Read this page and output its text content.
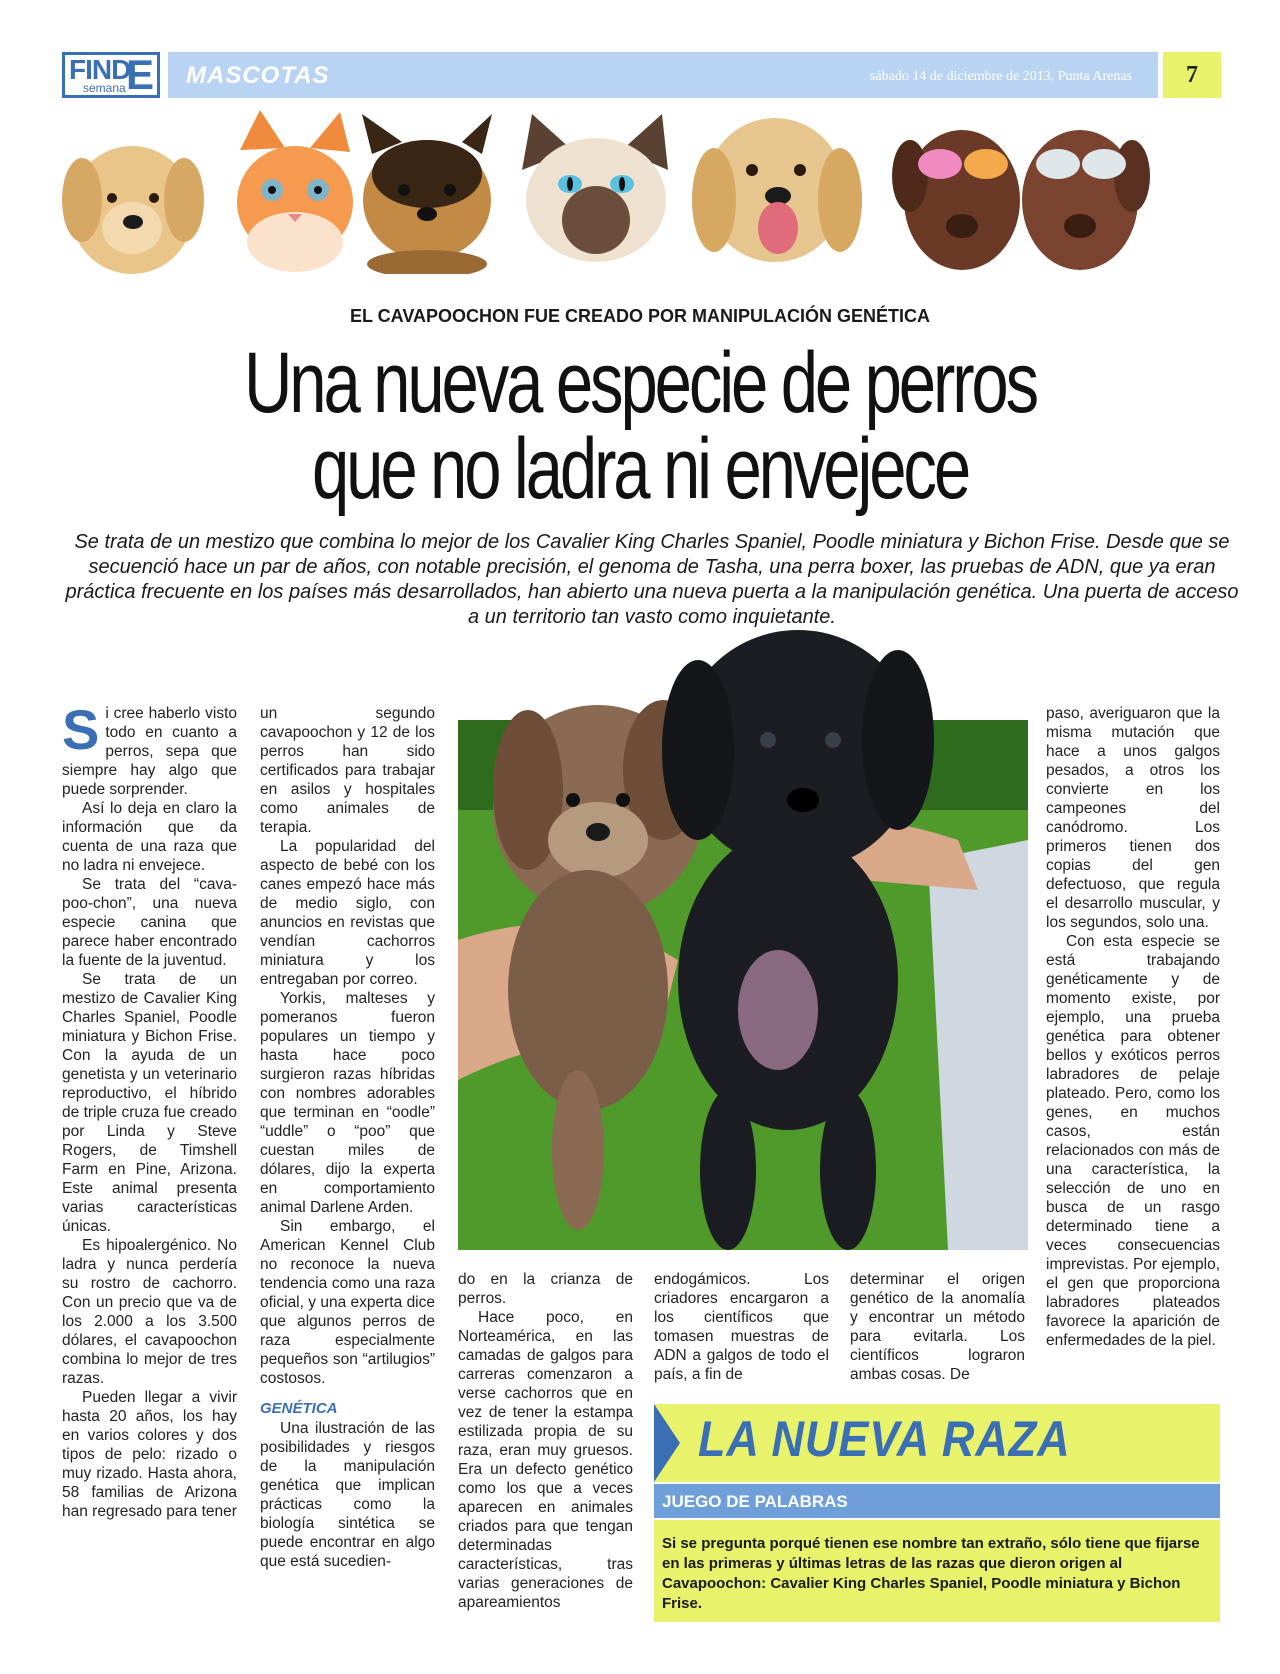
FIND
E
semana	MASCOTAS	sábado 14 de diciembre de 2013, Punta Arenas	7
EL CAVAPOOCHON FUE CREADO POR MANIPULACIÓN GENÉTICA
Una nueva especie de perros
que no ladra ni envejece
Se trata de un mestizo que combina lo mejor de los Cavalier King Charles Spaniel, Poodle miniatura y Bichon Frise. Desde que se secuenció hace un par de años, con notable precisión, el genoma de Tasha, una perra boxer, las pruebas de ADN, que ya eran práctica frecuente en los países más desarrollados, han abierto una nueva puerta a la manipulación genética. Una puerta de acceso a un territorio tan vasto como inquietante.

Si cree haberlo visto todo en cuanto a perros, sepa que siempre hay algo que puede sorprender.

Así lo deja en claro la información que da cuenta de una raza que no ladra ni envejece.

Se trata del “cava-poo-chon”, una nueva especie canina que parece haber encontrado la fuente de la juventud.

Se trata de un mestizo de Cavalier King Charles Spaniel, Poodle miniatura y Bichon Frise. Con la ayuda de un genetista y un veterinario reproductivo, el híbrido de triple cruza fue creado por Linda y Steve Rogers, de Timshell Farm en Pine, Arizona. Este animal presenta varias características únicas.

Es hipoalergénico. No ladra y nunca perdería su rostro de cachorro. Con un precio que va de los 2.000 a los 3.500 dólares, el cavapoochon combina lo mejor de tres razas.

Pueden llegar a vivir hasta 20 años, los hay en varios colores y dos tipos de pelo: rizado o muy rizado. Hasta ahora, 58 familias de Arizona han regresado para tener

un segundo cavapoochon y 12 de los perros han sido certificados para trabajar en asilos y hospitales como animales de terapia.

La popularidad del aspecto de bebé con los canes empezó hace más de medio siglo, con anuncios en revistas que vendían cachorros miniatura y los entregaban por correo.

Yorkis, malteses y pomeranos fueron populares un tiempo y hasta hace poco surgieron razas híbridas con nombres adorables que terminan en “oodle” “uddle” o “poo” que cuestan miles de dólares, dijo la experta en comportamiento animal Darlene Arden.

Sin embargo, el American Kennel Club no reconoce la nueva tendencia como una raza oficial, y una experta dice que algunos perros de raza especialmente pequeños son “artilugios” costosos.

GENÉTICA

Una ilustración de las posibilidades y riesgos de la manipulación genética que implican prácticas como la biología sintética se puede encontrar en algo que está sucedien-

do en la crianza de perros.

Hace poco, en Norteamérica, en las camadas de galgos para carreras comenzaron a verse cachorros que en vez de tener la estampa estilizada propia de su raza, eran muy gruesos. Era un defecto genético como los que a veces aparecen en animales criados para que tengan determinadas características, tras varias generaciones de apareamientos

endogámicos. Los criadores encargaron a los científicos que tomasen muestras de ADN a galgos de todo el país, a fin de

determinar el origen genético de la anomalía y encontrar un método para evitarla. Los científicos lograron ambas cosas. De

paso, averiguaron que la misma mutación que hace a unos galgos pesados, a otros los convierte en los campeones del canódromo. Los primeros tienen dos copias del gen defectuoso, que regula el desarrollo muscular, y los segundos, solo una.

Con esta especie se está trabajando genéticamente y de momento existe, por ejemplo, una prueba genética para obtener bellos y exóticos perros labradores de pelaje plateado. Pero, como los genes, en muchos casos, están relacionados con más de una característica, la selección de uno en busca de un rasgo determinado tiene a veces consecuencias imprevistas. Por ejemplo, el gen que proporciona labradores plateados favorece la aparición de enfermedades de la piel.

LA NUEVA RAZA
JUEGO DE PALABRAS
Si se pregunta porqué tienen ese nombre tan extraño, sólo tiene que fijarse en las primeras y últimas letras de las razas que dieron origen al Cavapoochon: Cavalier King Charles Spaniel, Poodle miniatura y Bichon Frise.
